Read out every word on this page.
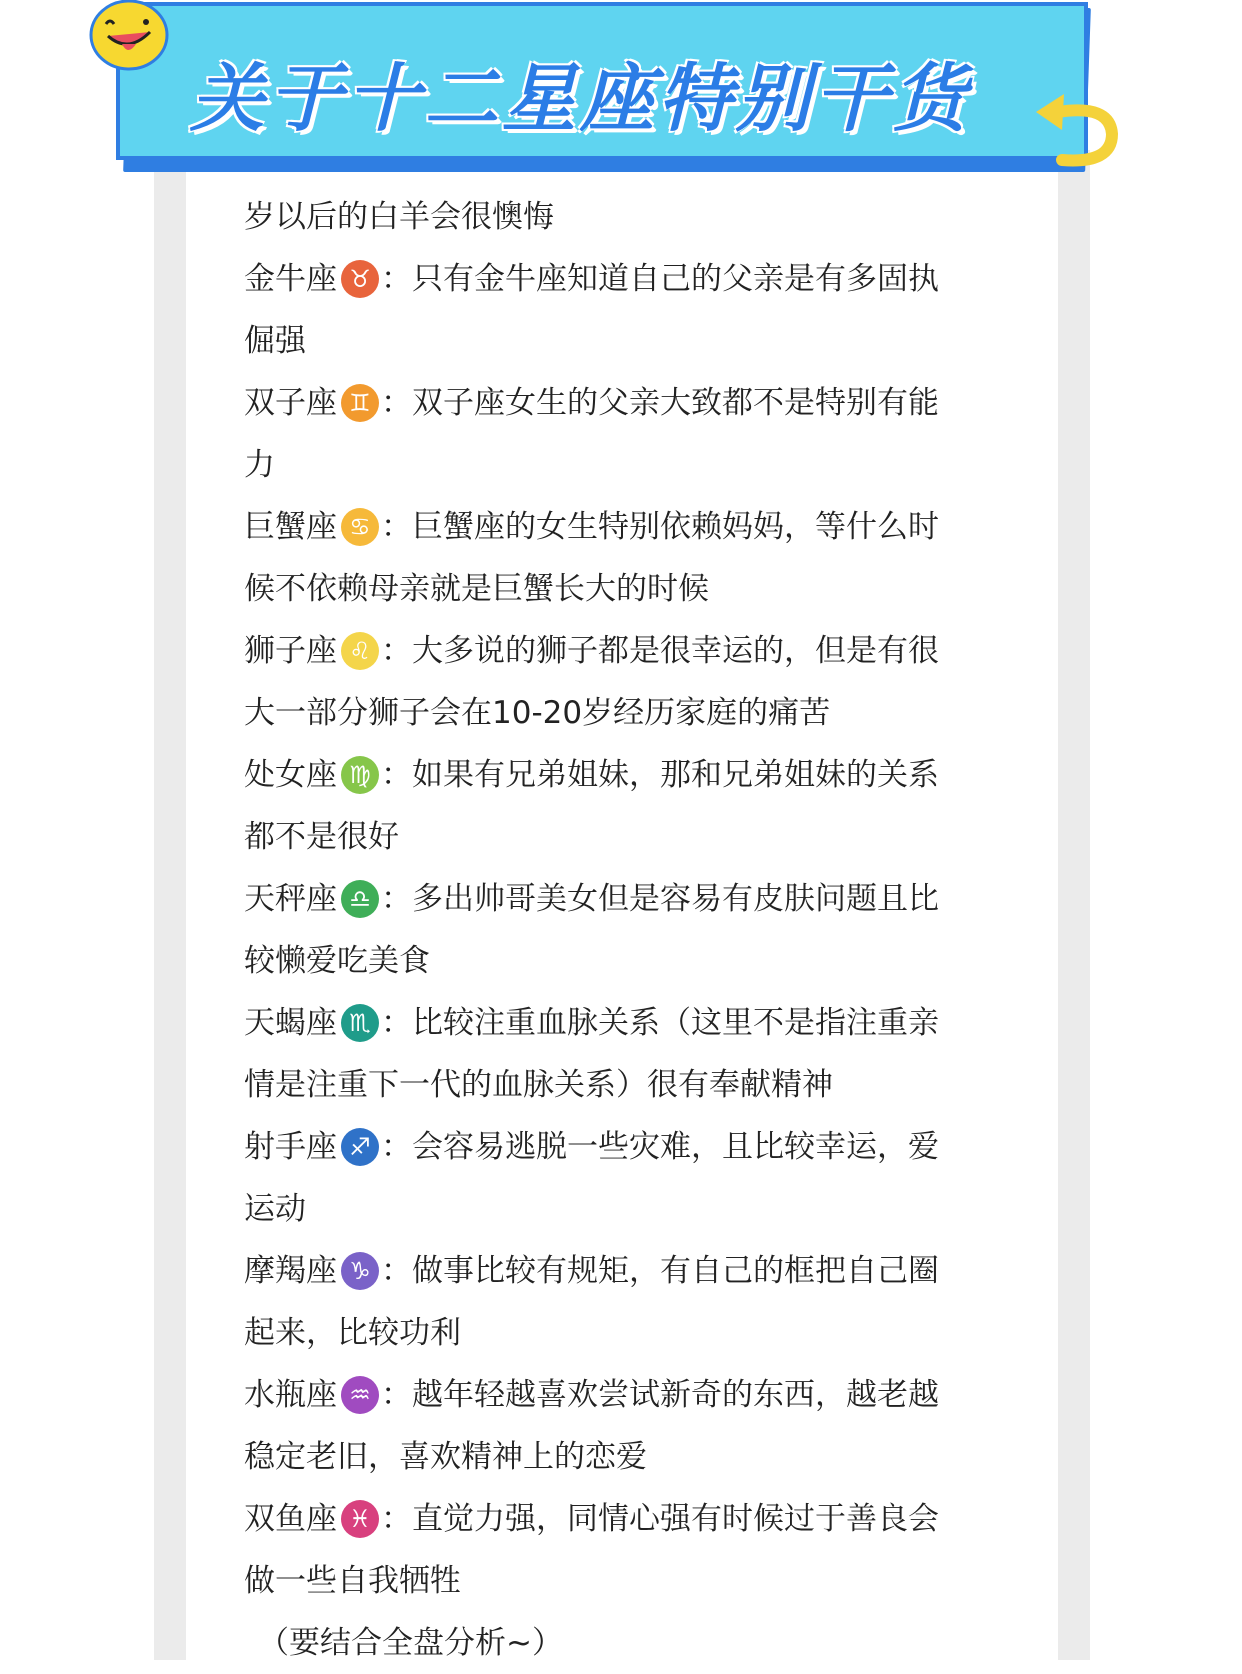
关于十二星座特别干货
岁以后的白羊会很懊悔
金牛座 ♉ ：只有金牛座知道自己的父亲是有多固执
倔强
双子座 ♊ ：双子座女生的父亲大致都不是特别有能
力
巨蟹座 ♋ ：巨蟹座的女生特别依赖妈妈，等什么时
候不依赖母亲就是巨蟹长大的时候
狮子座 ♌ ：大多说的狮子都是很幸运的，但是有很
大一部分狮子会在10-20岁经历家庭的痛苦
处女座 ♍ ：如果有兄弟姐妹，那和兄弟姐妹的关系
都不是很好
天秤座 ♎ ：多出帅哥美女但是容易有皮肤问题且比
较懒爱吃美食
天蝎座 ♏ ：比较注重血脉关系（这里不是指注重亲
情是注重下一代的血脉关系）很有奉献精神
射手座 ♐ ：会容易逃脱一些灾难，且比较幸运，爱
运动
摩羯座 ♑ ：做事比较有规矩，有自己的框把自己圈
起来，比较功利
水瓶座 ♒ ：越年轻越喜欢尝试新奇的东西，越老越
稳定老旧，喜欢精神上的恋爱
双鱼座 ♓ ：直觉力强，同情心强有时候过于善良会
做一些自我牺牲
（要结合全盘分析~）
